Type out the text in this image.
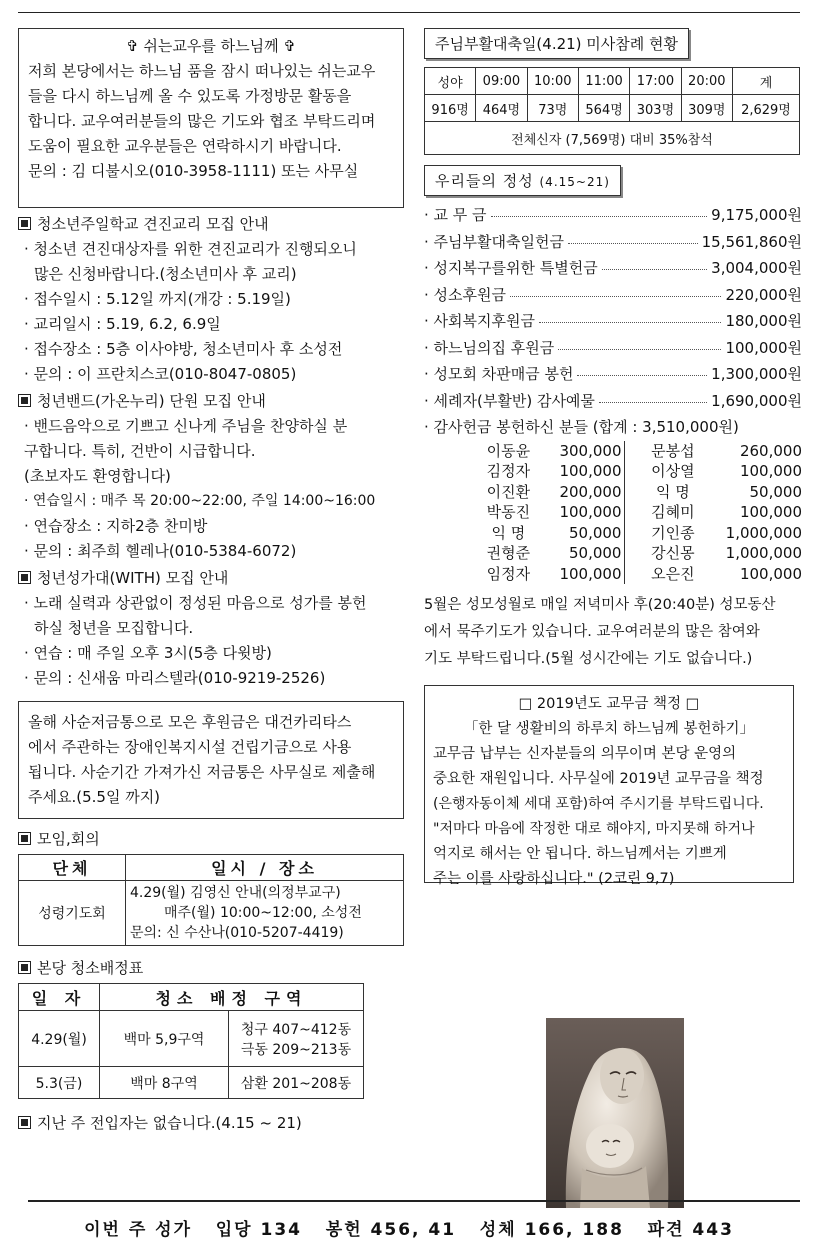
✞ 쉬는교우를 하느님께 ✞
저희 본당에서는 하느님 품을 잠시 떠나있는 쉬는교우
들을 다시 하느님께 올 수 있도록 가정방문 활동을
합니다. 교우여러분들의 많은 기도와 협조 부탁드리며
도움이 필요한 교우분들은 연락하시기 바랍니다.
문의 : 김 디불시오(010-3958-1111) 또는 사무실
청소년주일학교 견진교리 모집 안내
· 청소년 견진대상자를 위한 견진교리가 진행되오니
많은 신청바랍니다.(청소년미사 후 교리)
· 접수일시 : 5.12일 까지(개강 : 5.19일)
· 교리일시 : 5.19, 6.2, 6.9일
· 접수장소 : 5층 이사야방, 청소년미사 후 소성전
· 문의 : 이 프란치스코(010-8047-0805)
청년밴드(가온누리) 단원 모집 안내
· 밴드음악으로 기쁘고 신나게 주님을 찬양하실 분
구합니다. 특히, 건반이 시급합니다.
(초보자도 환영합니다)
· 연습일시 : 매주 목 20:00~22:00, 주일 14:00~16:00
· 연습장소 : 지하2층 찬미방
· 문의 : 최주희 헬레나(010-5384-6072)
청년성가대(WITH) 모집 안내
· 노래 실력과 상관없이 정성된 마음으로 성가를 봉헌
하실 청년을 모집합니다.
· 연습 : 매 주일 오후 3시(5층 다윗방)
· 문의 : 신새움 마리스텔라(010-9219-2526)
올해 사순저금통으로 모은 후원금은 대건카리타스
에서 주관하는 장애인복지시설 건립기금으로 사용
됩니다. 사순기간 가져가신 저금통은 사무실로 제출해
주세요.(5.5일 까지)
모임,회의
단체	일시 / 장소
성령기도회	4.29(월) 김영신 안내(의정부교구)
매주(월) 10:00~12:00, 소성전
문의: 신 수산나(010-5207-4419)
본당 청소배정표
일 자	청소 배정 구역	
4.29(월)	백마 5,9구역	청구 407~412동
극동 209~213동

5.3(금)	백마 8구역	삼환 201~208동
지난 주 전입자는 없습니다.(4.15 ~ 21)
주님부활대축일(4.21) 미사참례 현황
성야	09:00	10:00	11:00	17:00	20:00	계
916명	464명	73명	564명	303명	309명	2,629명
전체신자 (7,569명) 대비 35%참석						
우리들의 정성 (4.15~21)
· 교 무 금	9,175,000원
· 주님부활대축일헌금	15,561,860원
· 성지복구를위한 특별헌금	3,004,000원
· 성소후원금	220,000원
· 사회복지후원금	180,000원
· 하느님의집 후원금	100,000원
· 성모회 차판매금 봉헌	1,300,000원
· 세례자(부활반) 감사예물	1,690,000원
· 감사헌금 봉헌하신 분들 (합계 : 3,510,000원)
이동윤	300,000	문봉섭	260,000
김정자	100,000	이상열	100,000
이진환	200,000	익 명	50,000
박동진	100,000	김혜미	100,000
익 명	50,000	기인종	1,000,000
권형준	50,000	강신몽	1,000,000
임정자	100,000	오은진	100,000
5월은 성모성월로 매일 저녁미사 후(20:40분) 성모동산
에서 묵주기도가 있습니다. 교우여러분의 많은 참여와
기도 부탁드립니다.(5월 성시간에는 기도 없습니다.)
□ 2019년도 교무금 책정 □
「한 달 생활비의 하루치 하느님께 봉헌하기」
교무금 납부는 신자분들의 의무이며 본당 운영의
중요한 재원입니다. 사무실에 2019년 교무금을 책정
(은행자동이체 세대 포함)하여 주시기를 부탁드립니다.
"저마다 마음에 작정한 대로 해야지, 마지못해 하거나
억지로 해서는 안 됩니다. 하느님께서는 기쁘게
주는 이를 사랑하십니다." (2코린 9,7)
이번 주 성가   입당 134   봉헌 456, 41   성체 166, 188   파견 443
